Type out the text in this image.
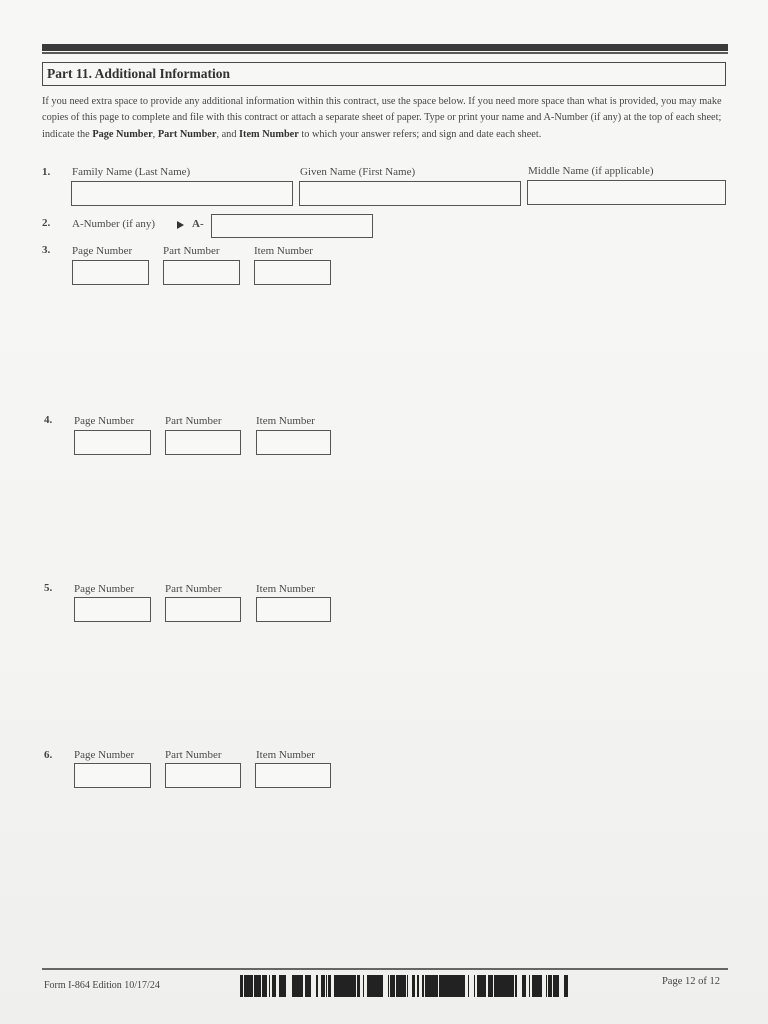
Part 11. Additional Information
If you need extra space to provide any additional information within this contract, use the space below. If you need more space than what is provided, you may make copies of this page to complete and file with this contract or attach a separate sheet of paper. Type or print your name and A-Number (if any) at the top of each sheet; indicate the Page Number, Part Number, and Item Number to which your answer refers; and sign and date each sheet.
1. Family Name (Last Name)	Given Name (First Name)	Middle Name (if applicable)
2. A-Number (if any)	A-
3. Page Number	Part Number	Item Number
4. Page Number	Part Number	Item Number
5. Page Number	Part Number	Item Number
6. Page Number	Part Number	Item Number
Form I-864 Edition 10/17/24	Page 12 of 12
